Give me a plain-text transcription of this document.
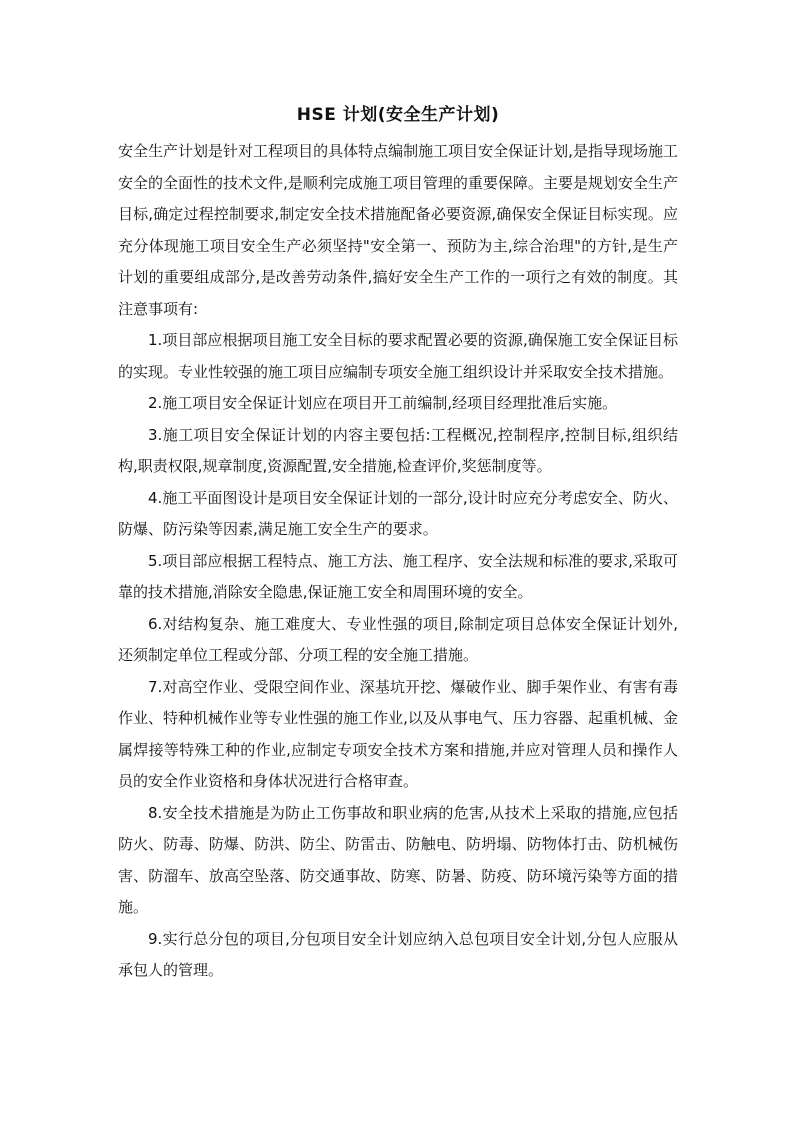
HSE 计划(安全生产计划)

安全生产计划是针对工程项目的具体特点编制施工项目安全保证计划,是指导现场施工安全的全面性的技术文件,是顺利完成施工项目管理的重要保障。主要是规划安全生产目标,确定过程控制要求,制定安全技术措施配备必要资源,确保安全保证目标实现。应充分体现施工项目安全生产必须坚持"安全第一、预防为主,综合治理"的方针,是生产计划的重要组成部分,是改善劳动条件,搞好安全生产工作的一项行之有效的制度。其注意事项有:

1.项目部应根据项目施工安全目标的要求配置必要的资源,确保施工安全保证目标的实现。专业性较强的施工项目应编制专项安全施工组织设计并采取安全技术措施。

2.施工项目安全保证计划应在项目开工前编制,经项目经理批准后实施。

3.施工项目安全保证计划的内容主要包括:工程概况,控制程序,控制目标,组织结构,职责权限,规章制度,资源配置,安全措施,检查评价,奖惩制度等。

4.施工平面图设计是项目安全保证计划的一部分,设计时应充分考虑安全、防火、防爆、防污染等因素,满足施工安全生产的要求。

5.项目部应根据工程特点、施工方法、施工程序、安全法规和标准的要求,采取可靠的技术措施,消除安全隐患,保证施工安全和周围环境的安全。

6.对结构复杂、施工难度大、专业性强的项目,除制定项目总体安全保证计划外,还须制定单位工程或分部、分项工程的安全施工措施。

7.对高空作业、受限空间作业、深基坑开挖、爆破作业、脚手架作业、有害有毒作业、特种机械作业等专业性强的施工作业,以及从事电气、压力容器、起重机械、金属焊接等特殊工种的作业,应制定专项安全技术方案和措施,并应对管理人员和操作人员的安全作业资格和身体状况进行合格审查。

8.安全技术措施是为防止工伤事故和职业病的危害,从技术上采取的措施,应包括防火、防毒、防爆、防洪、防尘、防雷击、防触电、防坍塌、防物体打击、防机械伤害、防溜车、放高空坠落、防交通事故、防寒、防暑、防疫、防环境污染等方面的措施。

9.实行总分包的项目,分包项目安全计划应纳入总包项目安全计划,分包人应服从承包人的管理。
